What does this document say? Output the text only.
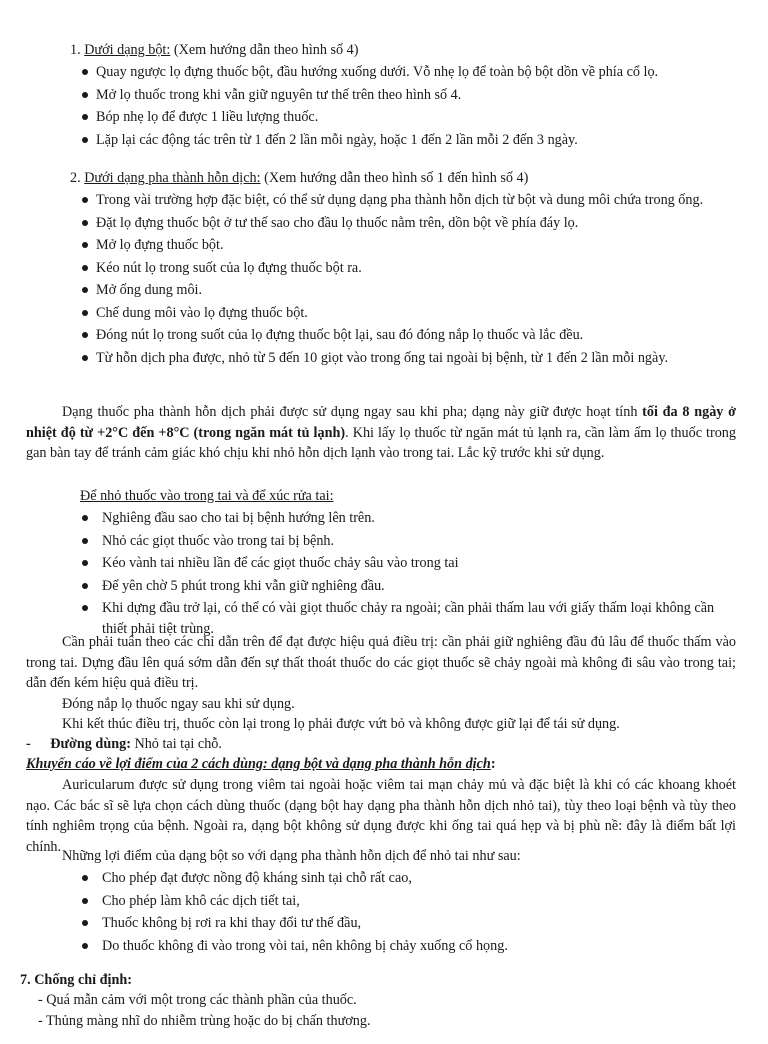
1. Dưới dạng bột: (Xem hướng dẫn theo hình số 4)
Quay ngược lọ đựng thuốc bột, đầu hướng xuống dưới. Vỗ nhẹ lọ để toàn bộ bột dồn về phía cổ lọ.
Mở lọ thuốc trong khi vẫn giữ nguyên tư thế trên theo hình số 4.
Bóp nhẹ lọ để được 1 liều lượng thuốc.
Lặp lại các động tác trên từ 1 đến 2 lần mỗi ngày, hoặc 1 đến 2 lần mỗi 2 đến 3 ngày.
2. Dưới dạng pha thành hỗn dịch: (Xem hướng dẫn theo hình số 1 đến hình số 4)
Trong vài trường hợp đặc biệt, có thể sử dụng dạng pha thành hỗn dịch từ bột và dung môi chứa trong ống.
Đặt lọ đựng thuốc bột ở tư thế sao cho đầu lọ thuốc nằm trên, dồn bột về phía đáy lọ.
Mở lọ đựng thuốc bột.
Kéo nút lọ trong suốt của lọ đựng thuốc bột ra.
Mở ống dung môi.
Chế dung môi vào lọ đựng thuốc bột.
Đóng nút lọ trong suốt của lọ đựng thuốc bột lại, sau đó đóng nắp lọ thuốc và lắc đều.
Từ hỗn dịch pha được, nhỏ từ 5 đến 10 giọt vào trong ống tai ngoài bị bệnh, từ 1 đến 2 lần mỗi ngày.

Dạng thuốc pha thành hỗn dịch phải được sử dụng ngay sau khi pha; dạng này giữ được hoạt tính tối đa 8 ngày ở nhiệt độ từ +2°C đến +8°C (trong ngăn mát tủ lạnh). Khi lấy lọ thuốc từ ngăn mát tủ lạnh ra, cần làm ấm lọ thuốc trong gan bàn tay để tránh cảm giác khó chịu khi nhỏ hỗn dịch lạnh vào trong tai. Lắc kỹ trước khi sử dụng.

Để nhỏ thuốc vào trong tai và để xúc rửa tai:
Nghiêng đầu sao cho tai bị bệnh hướng lên trên.
Nhỏ các giọt thuốc vào trong tai bị bệnh.
Kéo vành tai nhiều lần để các giọt thuốc chảy sâu vào trong tai
Để yên chờ 5 phút trong khi vẫn giữ nghiêng đầu.
Khi dựng đầu trở lại, có thể có vài giọt thuốc chảy ra ngoài; cần phải thấm lau với giấy thấm loại không cần thiết phải tiệt trùng.

Cần phải tuân theo các chỉ dẫn trên để đạt được hiệu quả điều trị: cần phải giữ nghiêng đầu đủ lâu để thuốc thấm vào trong tai. Dựng đầu lên quá sớm dẫn đến sự thất thoát thuốc do các giọt thuốc sẽ chảy ngoài mà không đi sâu vào trong tai; dẫn đến kém hiệu quả điều trị.

Đóng nắp lọ thuốc ngay sau khi sử dụng.

Khi kết thúc điều trị, thuốc còn lại trong lọ phải được vứt bỏ và không được giữ lại để tái sử dụng.

- Đường dùng: Nhỏ tai tại chỗ.
Khuyến cáo về lợi điểm của 2 cách dùng: dạng bột và dạng pha thành hỗn dịch:

Auricularum được sử dụng trong viêm tai ngoài hoặc viêm tai mạn chảy mủ và đặc biệt là khi có các khoang khoét nạo. Các bác sĩ sẽ lựa chọn cách dùng thuốc (dạng bột hay dạng pha thành hỗn dịch nhỏ tai), tùy theo loại bệnh và tùy theo tính nghiêm trọng của bệnh. Ngoài ra, dạng bột không sử dụng được khi ống tai quá hẹp và bị phù nề: đây là điểm bất lợi chính.

Những lợi điểm của dạng bột so với dạng pha thành hỗn dịch để nhỏ tai như sau:

Cho phép đạt được nồng độ kháng sinh tại chỗ rất cao,
Cho phép làm khô các dịch tiết tai,
Thuốc không bị rơi ra khi thay đổi tư thế đầu,
Do thuốc không đi vào trong vòi tai, nên không bị chảy xuống cổ họng.
7. Chống chỉ định:
- Quá mẫn cảm với một trong các thành phần của thuốc.
- Thủng màng nhĩ do nhiễm trùng hoặc do bị chấn thương.
